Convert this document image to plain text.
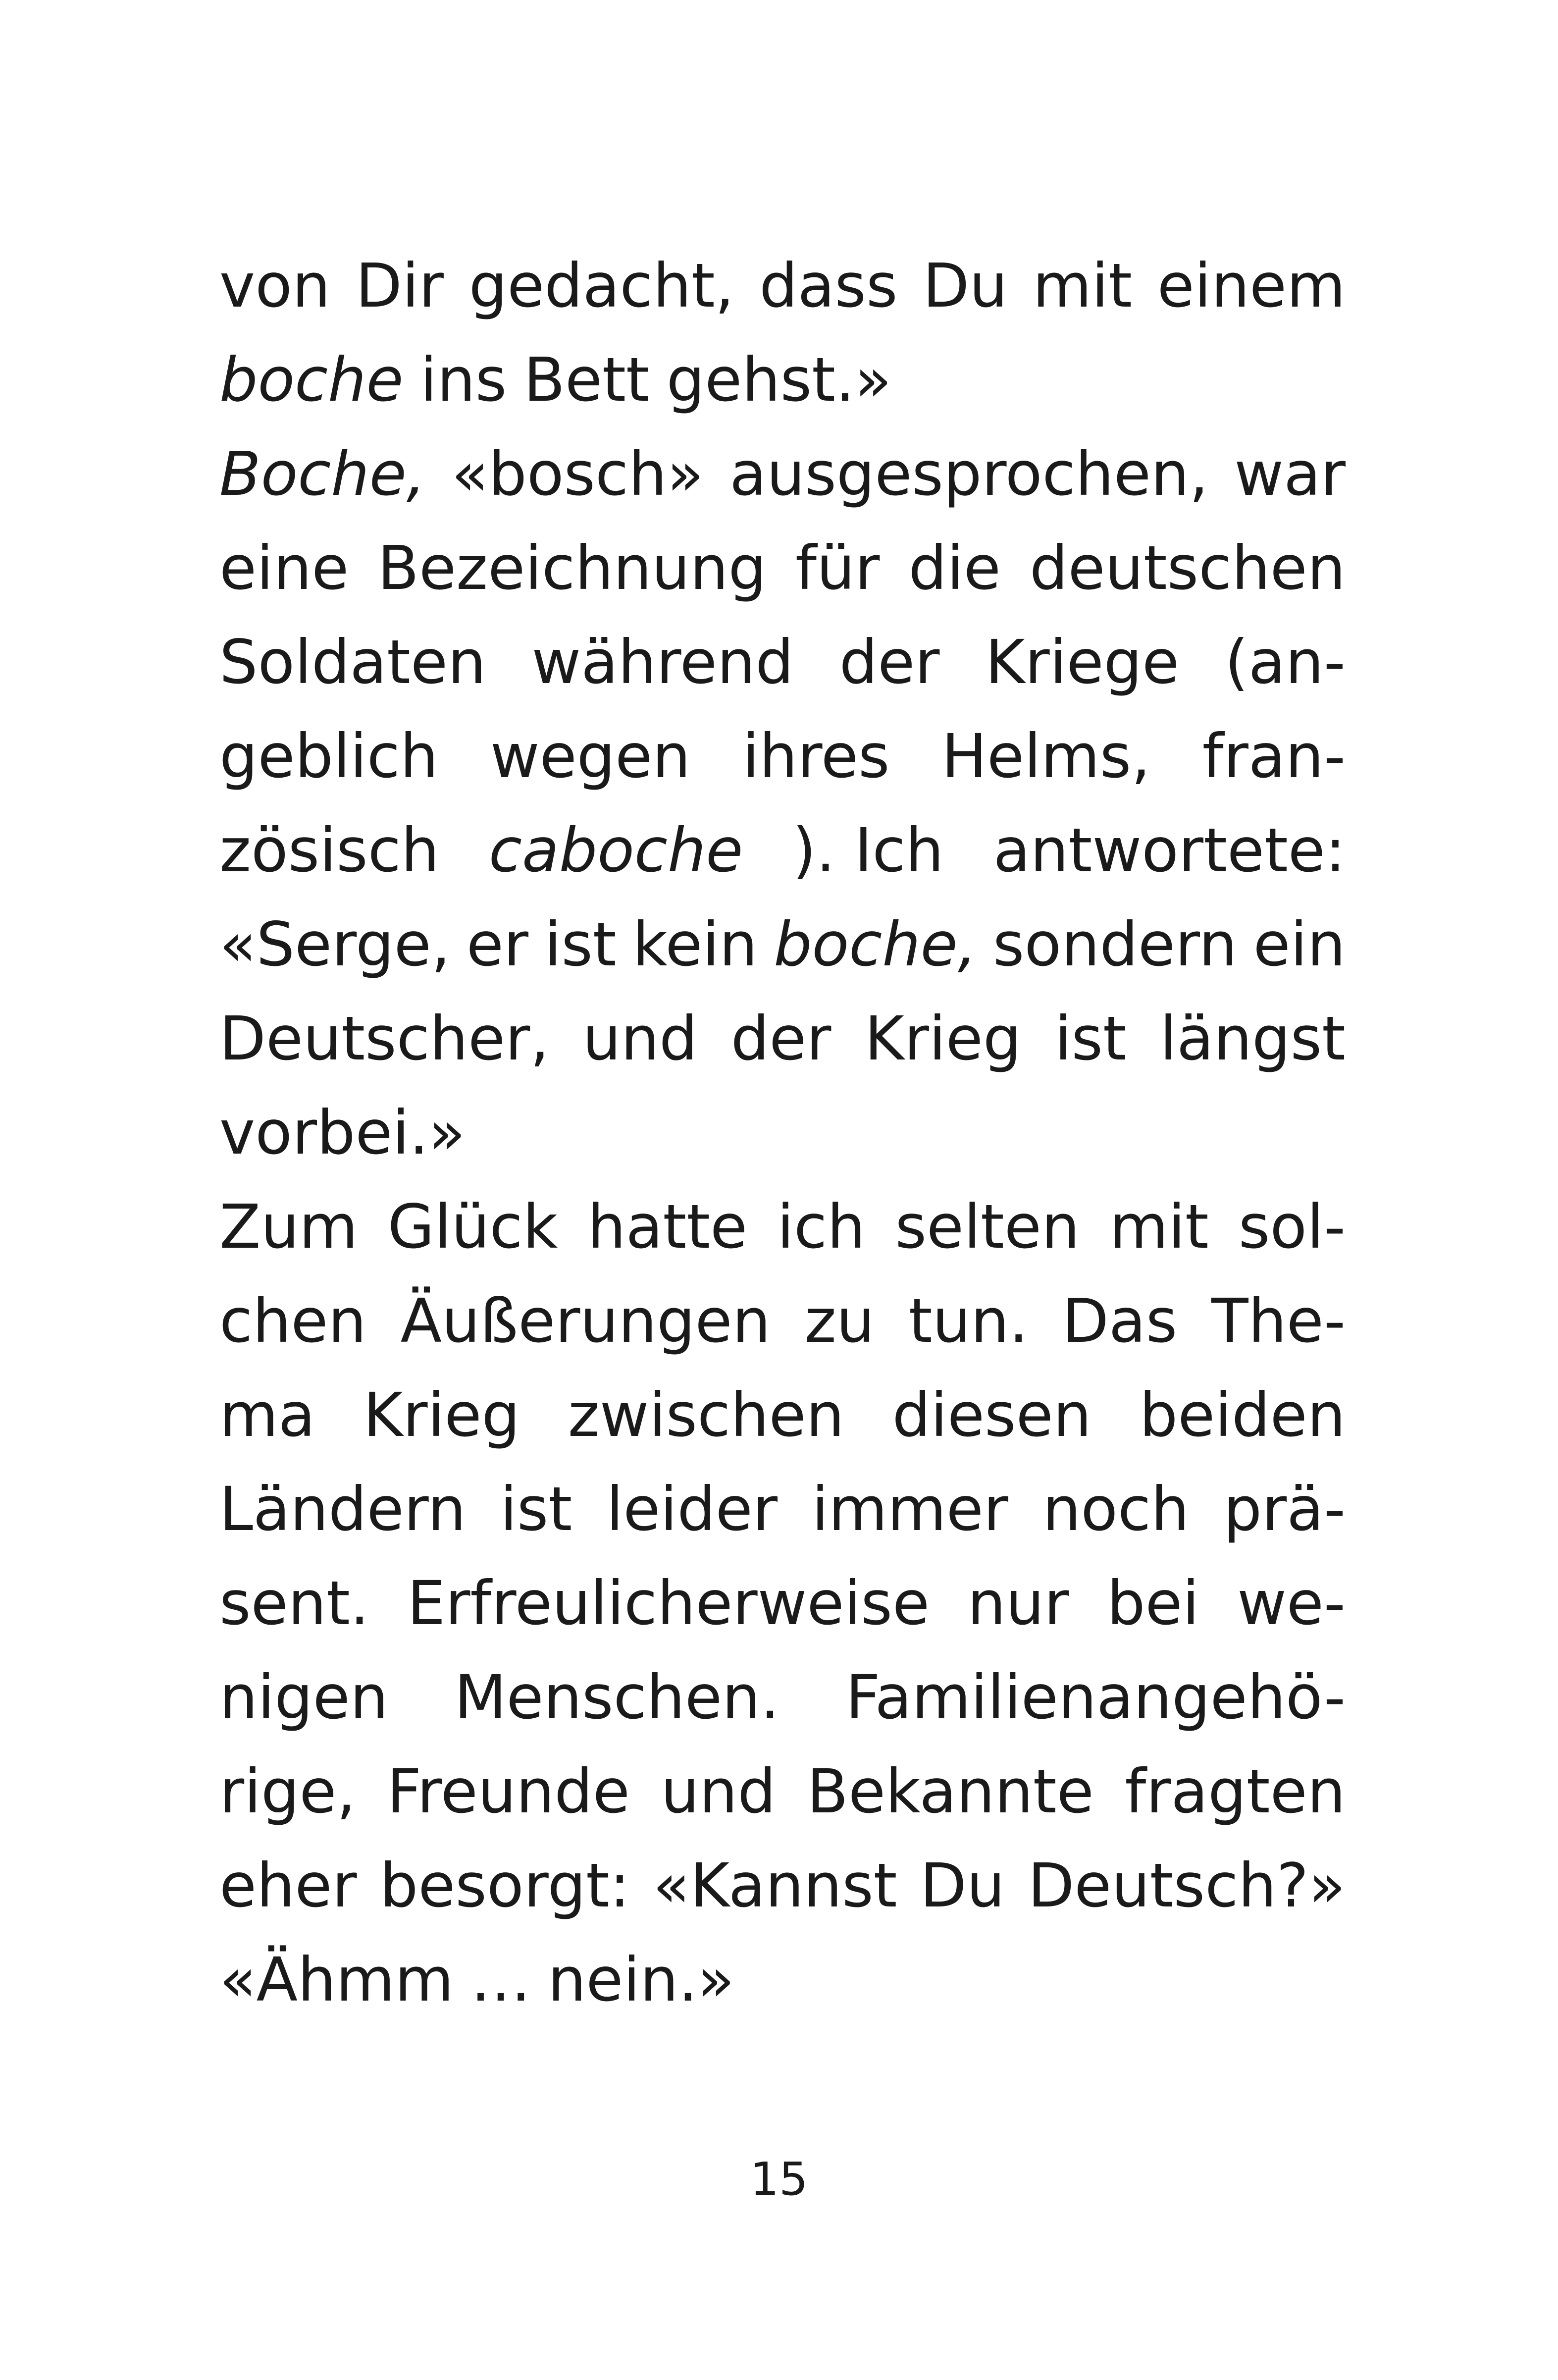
von Dir gedacht, dass Du mit einem
boche ins Bett gehst.»
Boche, «bosch» ausgesprochen, war
eine Bezeichnung für die deutschen
Soldaten während der Kriege (an-
geblich wegen ihres Helms, fran-
zösisch caboche ). Ich antwortete:
«Serge, er ist kein boche, sondern ein
Deutscher, und der Krieg ist längst
vorbei.»
Zum Glück hatte ich selten mit sol-
chen Äußerungen zu tun. Das The-
ma Krieg zwischen diesen beiden
Ländern ist leider immer noch prä-
sent. Erfreulicherweise nur bei we-
nigen Menschen. Familienangehö-
rige, Freunde und Bekannte fragten
eher besorgt: «Kannst Du Deutsch?»
«Ähmm … nein.»
15
